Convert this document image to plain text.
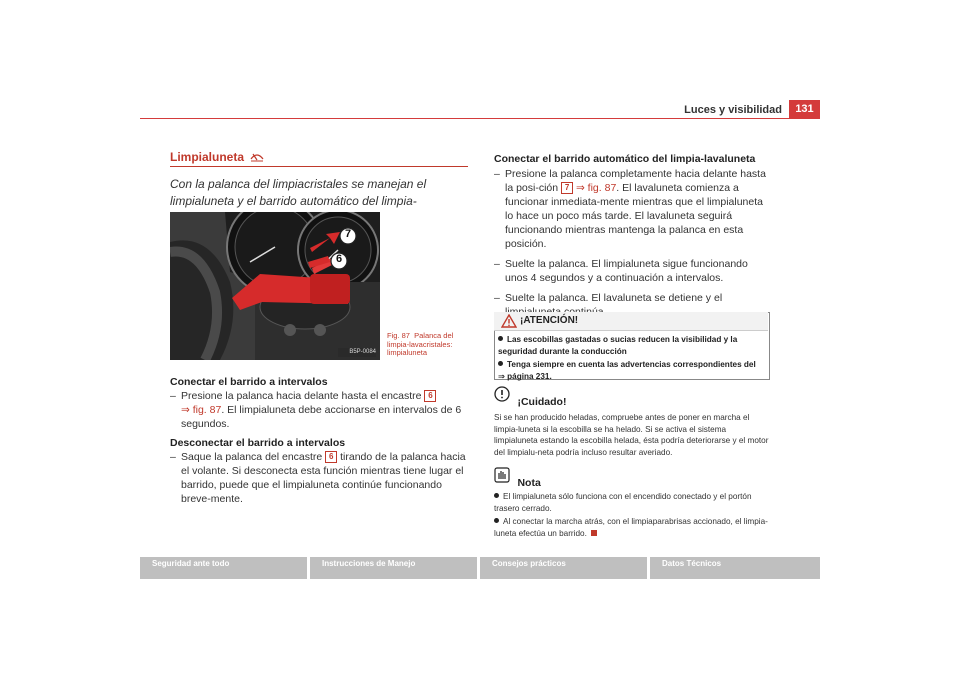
Luces y visibilidad	131
Limpialuneta
Con la palanca del limpiacristales se manejan el limpialuneta y el barrido automático del limpia-
7
6
B5P-0084
Fig. 87 Palanca del limpia-lavacristales: limpialuneta
Conectar el barrido a intervalos
– Presione la palanca hacia delante hasta el encastre 6
⇒ fig. 87. El limpialuneta debe accionarse en intervalos de 6 segundos.
Desconectar el barrido a intervalos
– Saque la palanca del encastre 6 tirando de la palanca hacia el volante. Si desconecta esta función mientras tiene lugar el barrido, puede que el limpialuneta continúe funcionando breve-mente.
Conectar el barrido automático del limpia-lavaluneta
– Presione la palanca completamente hacia delante hasta la posi-ción 7 ⇒ fig. 87. El lavaluneta comienza a funcionar inmediata-mente mientras que el limpialuneta lo hace un poco más tarde. El lavaluneta seguirá funcionando mientras mantenga la palanca en esta posición.
– Suelte la palanca. El limpialuneta sigue funcionando unos 4 segundos y a continuación a intervalos.
– Suelte la palanca. El lavaluneta se detiene y el
¡ATENCIÓN!
Las escobillas gastadas o sucias reducen la visibilidad y la seguridad durante la conducción
Tenga siempre en cuenta las advertencias correspondientes del
⇒ página 231.
$_{¡Cuidado!}$
Si se han producido heladas, compruebe antes de poner en marcha el limpia-luneta si la escobilla se ha helado. Si se activa el sistema limpialuneta estando la escobilla helada, ésta podría deteriorarse y el motor del limpialu-neta podría incluso resultar averiado.
$_{Nota}$
El limpialuneta sólo funciona con el encendido conectado y el portón trasero cerrado.
Al conectar la marcha atrás, con el limpiaparabrisas accionado, el limpia-luneta efectúa un barrido.
Seguridad ante todo	Instrucciones de Manejo	Consejos prácticos	Datos Técnicos
